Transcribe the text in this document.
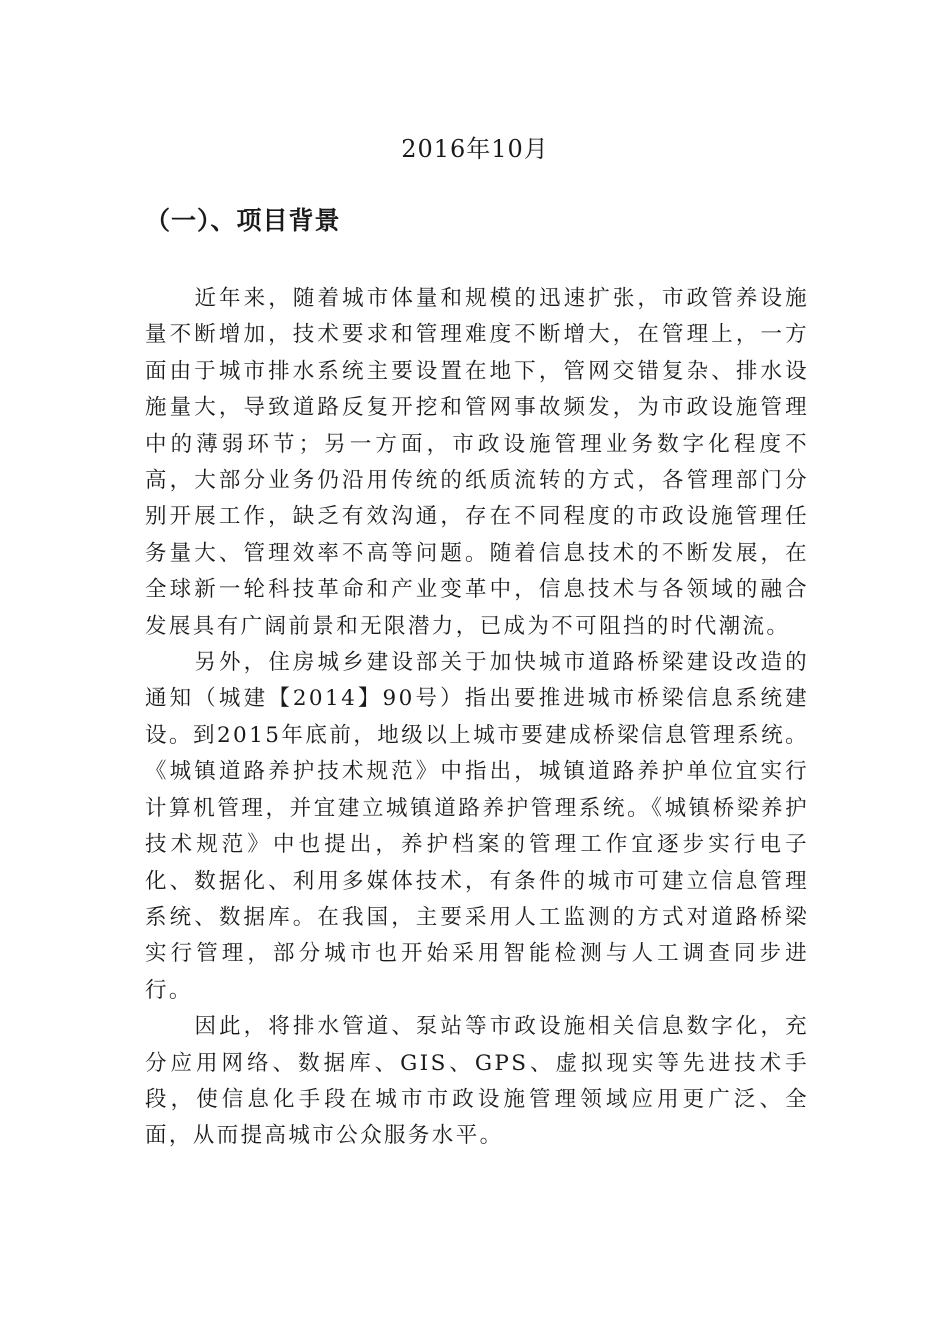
2016年10月
（一）、项目背景

近年来，随着城市体量和规模的迅速扩张，市政管养设施量不断增加，技术要求和管理难度不断增大，在管理上，一方面由于城市排水系统主要设置在地下，管网交错复杂、排水设施量大，导致道路反复开挖和管网事故频发，为市政设施管理中的薄弱环节；另一方面，市政设施管理业务数字化程度不高，大部分业务仍沿用传统的纸质流转的方式，各管理部门分别开展工作，缺乏有效沟通，存在不同程度的市政设施管理任务量大、管理效率不高等问题。随着信息技术的不断发展，在全球新一轮科技革命和产业变革中，信息技术与各领域的融合发展具有广阔前景和无限潜力，已成为不可阻挡的时代潮流。

另外，住房城乡建设部关于加快城市道路桥梁建设改造的通知（城建【2014】90号）指出要推进城市桥梁信息系统建设。到2015年底前，地级以上城市要建成桥梁信息管理系统。《城镇道路养护技术规范》中指出，城镇道路养护单位宜实行计算机管理，并宜建立城镇道路养护管理系统。《城镇桥梁养护技术规范》中也提出，养护档案的管理工作宜逐步实行电子化、数据化、利用多媒体技术，有条件的城市可建立信息管理系统、数据库。在我国，主要采用人工监测的方式对道路桥梁实行管理，部分城市也开始采用智能检测与人工调查同步进行。

因此，将排水管道、泵站等市政设施相关信息数字化，充分应用网络、数据库、GIS、GPS、虚拟现实等先进技术手段，使信息化手段在城市市政设施管理领域应用更广泛、全面，从而提高城市公众服务水平。
